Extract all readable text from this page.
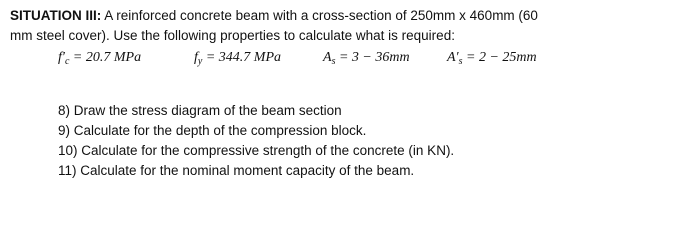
SITUATION III: A reinforced concrete beam with a cross-section of 250mm x 460mm (60
mm steel cover). Use the following properties to calculate what is required:
$f'_c = 20.7$ MPa	$f_y = 344.7$ MPa	$A_s = 3 - 36mm$	$A'_s = 2 - 25mm$
8) Draw the stress diagram of the beam section
9) Calculate for the depth of the compression block.
10) Calculate for the compressive strength of the concrete (in KN).
11) Calculate for the nominal moment capacity of the beam.
